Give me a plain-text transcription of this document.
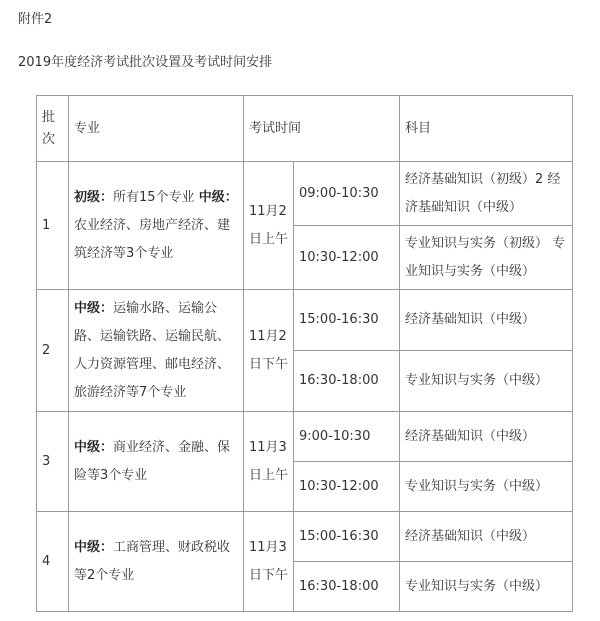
附件2
2019年度经济考试批次设置及考试时间安排
批
次	专业	考试时间		科目
1	初级：所有15个专业 中级：农业经济、房地产经济、建筑经济等3个专业	11月2日上午	09:00-10:30	经济基础知识（初级）2 经济基础知识（中级）
			10:30-12:00	专业知识与实务（初级） 专业知识与实务（中级）
2	中级：运输水路、运输公路、运输铁路、运输民航、人力资源管理、邮电经济、旅游经济等7个专业	11月2日下午	15:00-16:30	经济基础知识（中级）
			16:30-18:00	专业知识与实务（中级）
3	中级：商业经济、金融、保险等3个专业	11月3日上午	9:00-10:30	经济基础知识（中级）
			10:30-12:00	专业知识与实务（中级）
4	中级：工商管理、财政税收等2个专业	11月3日下午	15:00-16:30	经济基础知识（中级）
			16:30-18:00	专业知识与实务（中级）
